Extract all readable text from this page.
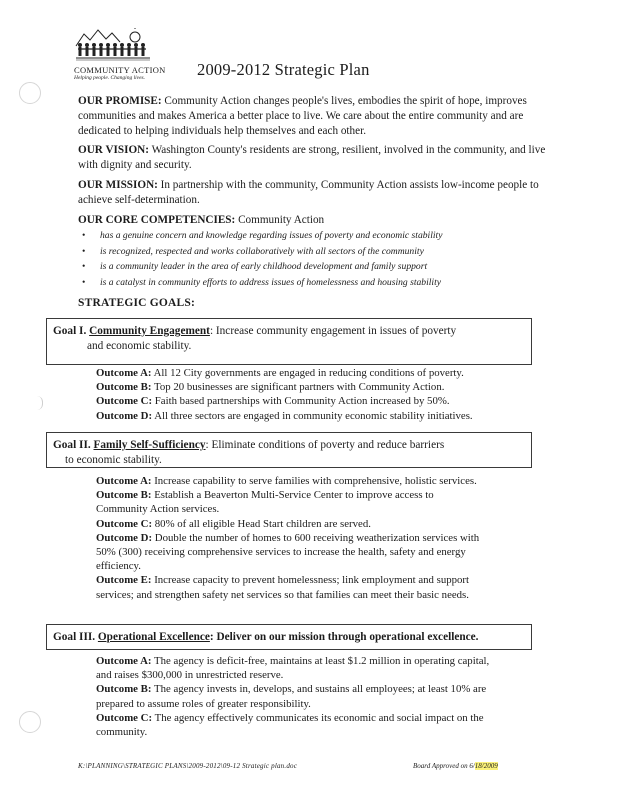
COMMUNITY ACTION
Helping people. Changing lives.	2009-2012 Strategic Plan
OUR PROMISE: Community Action changes people's lives, embodies the spirit of hope, improves communities and makes America a better place to live. We care about the entire community and are dedicated to helping individuals help themselves and each other.
OUR VISION: Washington County's residents are strong, resilient, involved in the community, and live with dignity and security.
OUR MISSION: In partnership with the community, Community Action assists low-income people to achieve self-determination.
OUR CORE COMPETENCIES: Community Action
• has a genuine concern and knowledge regarding issues of poverty and economic stability
• is recognized, respected and works collaboratively with all sectors of the community
• is a community leader in the area of early childhood development and family support
• is a catalyst in community efforts to address issues of homelessness and housing stability
STRATEGIC GOALS:
Goal I. Community Engagement: Increase community engagement in issues of poverty
and economic stability.
Outcome A: All 12 City governments are engaged in reducing conditions of poverty.
Outcome B: Top 20 businesses are significant partners with Community Action.
Outcome C: Faith based partnerships with Community Action increased by 50%.
Outcome D: All three sectors are engaged in community economic stability initiatives.
Goal II. Family Self-Sufficiency: Eliminate conditions of poverty and reduce barriers
to economic stability.
Outcome A: Increase capability to serve families with comprehensive, holistic services.
Outcome B: Establish a Beaverton Multi-Service Center to improve access to
Community Action services.
Outcome C: 80% of all eligible Head Start children are served.
Outcome D: Double the number of homes to 600 receiving weatherization services with
50% (300) receiving comprehensive services to increase the health, safety and energy
efficiency.
Outcome E: Increase capacity to prevent homelessness; link employment and support
services; and strengthen safety net services so that families can meet their basic needs.
Goal III. Operational Excellence: Deliver on our mission through operational excellence.
Outcome A: The agency is deficit-free, maintains at least $1.2 million in operating capital,
and raises $300,000 in unrestricted reserve.
Outcome B: The agency invests in, develops, and sustains all employees; at least 10% are
prepared to assume roles of greater responsibility.
Outcome C: The agency effectively communicates its economic and social impact on the
community.
K:\PLANNING\STRATEGIC PLANS\2009-2012\09-12 Strategic plan.doc	Board Approved on 6/18/2009
